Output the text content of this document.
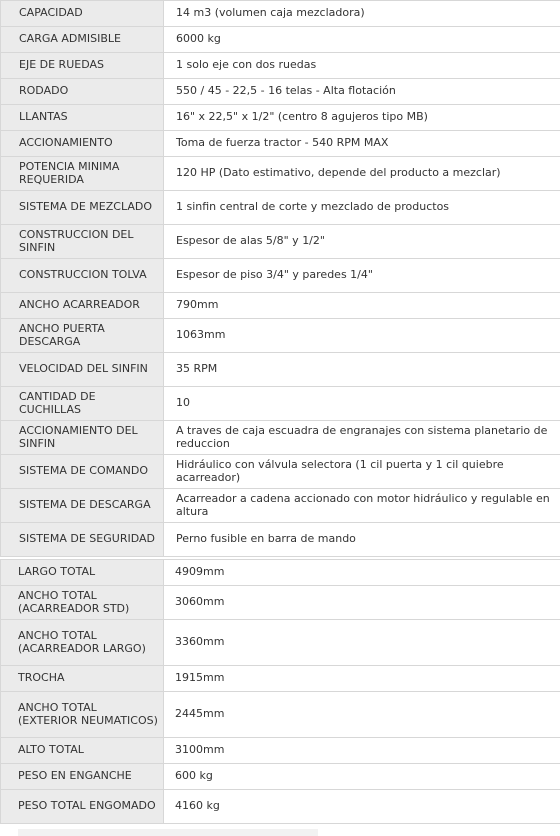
CAPACIDAD	14 m3 (volumen caja mezcladora)
CARGA ADMISIBLE	6000 kg
EJE DE RUEDAS	1 solo eje con dos ruedas
RODADO	550 / 45 - 22,5 - 16 telas - Alta flotación
LLANTAS	16" x 22,5" x 1/2" (centro 8 agujeros tipo MB)
ACCIONAMIENTO	Toma de fuerza tractor - 540 RPM MAX
POTENCIA MINIMA REQUERIDA	120 HP (Dato estimativo, depende del producto a mezclar)
SISTEMA DE MEZCLADO	1 sinfin central de corte y mezclado de productos
CONSTRUCCION DEL SINFIN	Espesor de alas 5/8" y 1/2"
CONSTRUCCION TOLVA	Espesor de piso 3/4" y paredes 1/4"
ANCHO ACARREADOR	790mm
ANCHO PUERTA DESCARGA	1063mm
VELOCIDAD DEL SINFIN	35 RPM
CANTIDAD DE CUCHILLAS	10
ACCIONAMIENTO DEL SINFIN	A traves de caja escuadra de engranajes con sistema planetario de reduccion
SISTEMA DE COMANDO	Hidráulico con válvula selectora (1 cil puerta y 1 cil quiebre acarreador)
SISTEMA DE DESCARGA	Acarreador a cadena accionado con motor hidráulico y regulable en altura
SISTEMA DE SEGURIDAD	Perno fusible en barra de mando
LARGO TOTAL	4909mm
ANCHO TOTAL (ACARREADOR STD)	3060mm
ANCHO TOTAL (ACARREADOR LARGO)	3360mm
TROCHA	1915mm
ANCHO TOTAL (EXTERIOR NEUMATICOS)	2445mm
ALTO TOTAL	3100mm
PESO EN ENGANCHE	600 kg
PESO TOTAL ENGOMADO	4160 kg
